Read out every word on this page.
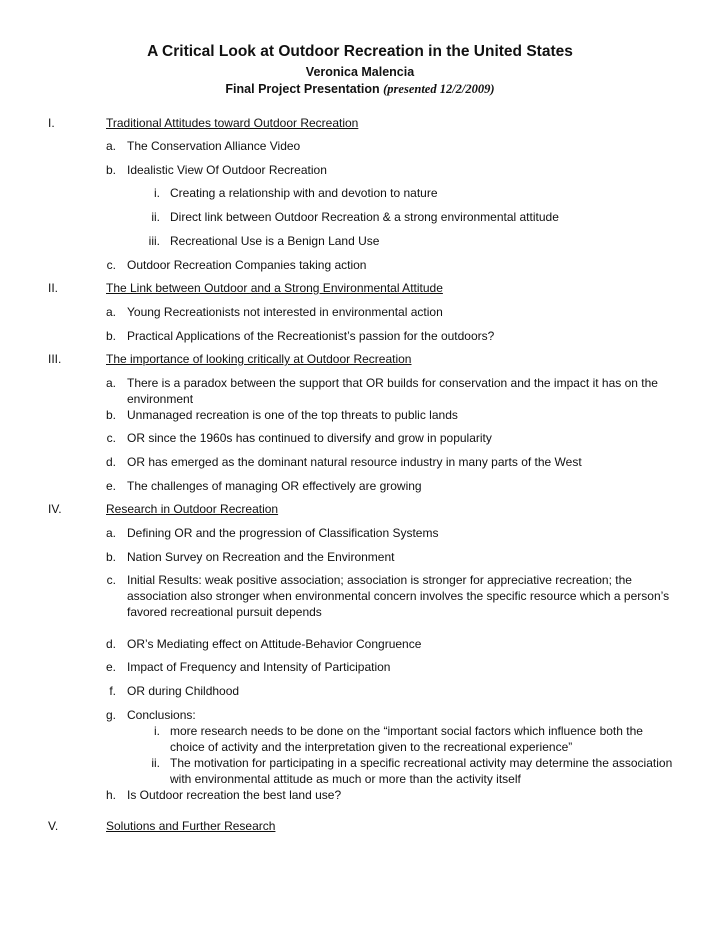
A Critical Look at Outdoor Recreation in the United States
Veronica Malencia
Final Project Presentation (presented 12/2/2009)
I.	Traditional Attitudes toward Outdoor Recreation
a. The Conservation Alliance Video
b. Idealistic View Of Outdoor Recreation
i. Creating a relationship with and devotion to nature
ii. Direct link between Outdoor Recreation & a strong environmental attitude
iii. Recreational Use is a Benign Land Use
c. Outdoor Recreation Companies taking action
II.	The Link between Outdoor and a Strong Environmental Attitude
a. Young Recreationists not interested in environmental action
b. Practical Applications of the Recreationist’s passion for the outdoors?
III.	The importance of looking critically at Outdoor Recreation
a. There is a paradox between the support that OR builds for conservation and the impact it has on the
environment
b. Unmanaged recreation is one of the top threats to public lands
c. OR since the 1960s has continued to diversify and grow in popularity
d. OR has emerged as the dominant natural resource industry in many parts of the West
e. The challenges of managing OR effectively are growing
IV.	Research in Outdoor Recreation
a. Defining OR and the progression of Classification Systems
b. Nation Survey on Recreation and the Environment
c. Initial Results: weak positive association; association is stronger for appreciative recreation; the
association also stronger when environmental concern involves the specific resource which a person’s
favored recreational pursuit depends
d. OR’s Mediating effect on Attitude-Behavior Congruence
e. Impact of Frequency and Intensity of Participation
f. OR during Childhood
g. Conclusions:
i. more research needs to be done on the “important social factors which influence both the
choice of activity and the interpretation given to the recreational experience”
ii. The motivation for participating in a specific recreational activity may determine the association
with environmental attitude as much or more than the activity itself
h. Is Outdoor recreation the best land use?
V.	Solutions and Further Research
